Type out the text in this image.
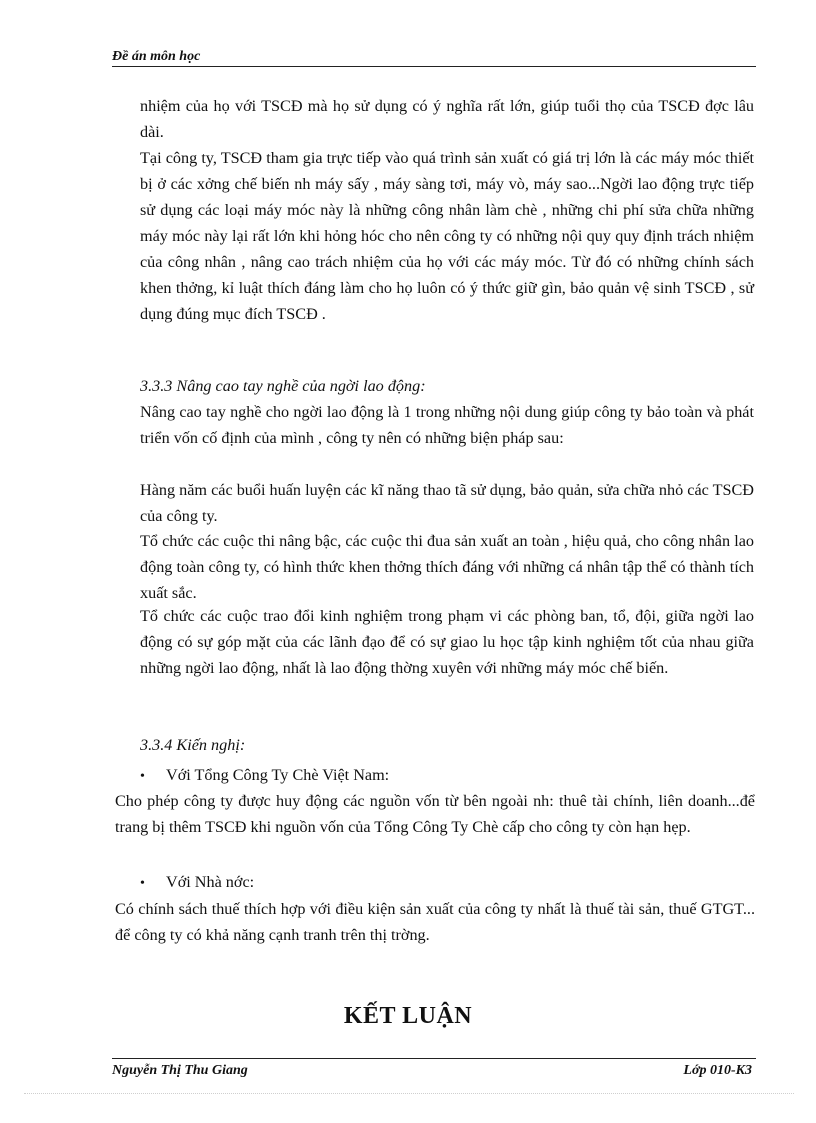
Đề án môn học

nhiệm của họ với TSCĐ mà họ sử dụng có ý nghĩa rất lớn, giúp tuổi thọ của TSCĐ đợc lâu dài.

Tại công ty, TSCĐ tham gia trực tiếp vào quá trình sản xuất có giá trị lớn là các máy móc thiết bị ở các xởng chế biến nh máy sấy , máy sàng tơi, máy vò, máy sao...Ngời lao động trực tiếp sử dụng các loại máy móc này là những công nhân làm chè , những chi phí sửa chữa những máy móc này lại rất lớn khi hỏng hóc cho nên công ty có những nội quy quy định trách nhiệm của công nhân , nâng cao trách nhiệm của họ với các máy móc. Từ đó có những chính sách khen thởng, kỉ luật thích đáng làm cho họ luôn có ý thức giữ gìn, bảo quản vệ sinh TSCĐ , sử dụng đúng mục đích TSCĐ .

3.3.3 Nâng cao tay nghề của ngời lao động:

Nâng cao tay nghề cho ngời lao động là 1 trong những nội dung giúp công ty bảo toàn và phát triển vốn cố định của mình , công ty nên có những biện pháp sau:

Hàng năm các buổi huấn luyện các kĩ năng thao tã sử dụng, bảo quản, sửa chữa nhỏ các TSCĐ của công ty.

Tổ chức các cuộc thi nâng bậc, các cuộc thi đua sản xuất an toàn , hiệu quả, cho công nhân lao động toàn công ty, có hình thức khen thởng thích đáng với những cá nhân tập thể có thành tích xuất sắc.

Tổ chức các cuộc trao đổi kinh nghiệm trong phạm vi các phòng ban, tổ, đội, giữa ngời lao động có sự góp mặt của các lãnh đạo để có sự giao lu học tập kinh nghiệm tốt của nhau giữa những ngời lao động, nhất là lao động thờng xuyên với những máy móc chế biến.

3.3.4 Kiến nghị:

• Với Tổng Công Ty Chè Việt Nam:

Cho phép công ty được huy động các nguồn vốn từ bên ngoài nh: thuê tài chính, liên doanh...để trang bị thêm TSCĐ khi nguồn vốn của Tổng Công Ty Chè cấp cho công ty còn hạn hẹp.

• Với Nhà nớc:

Có chính sách thuế thích hợp với điều kiện sản xuất của công ty nhất là thuế tài sản, thuế GTGT... để công ty có khả năng cạnh tranh trên thị trờng.

KẾT LUẬN
Nguyễn Thị Thu Giang	Lớp 010-K3
